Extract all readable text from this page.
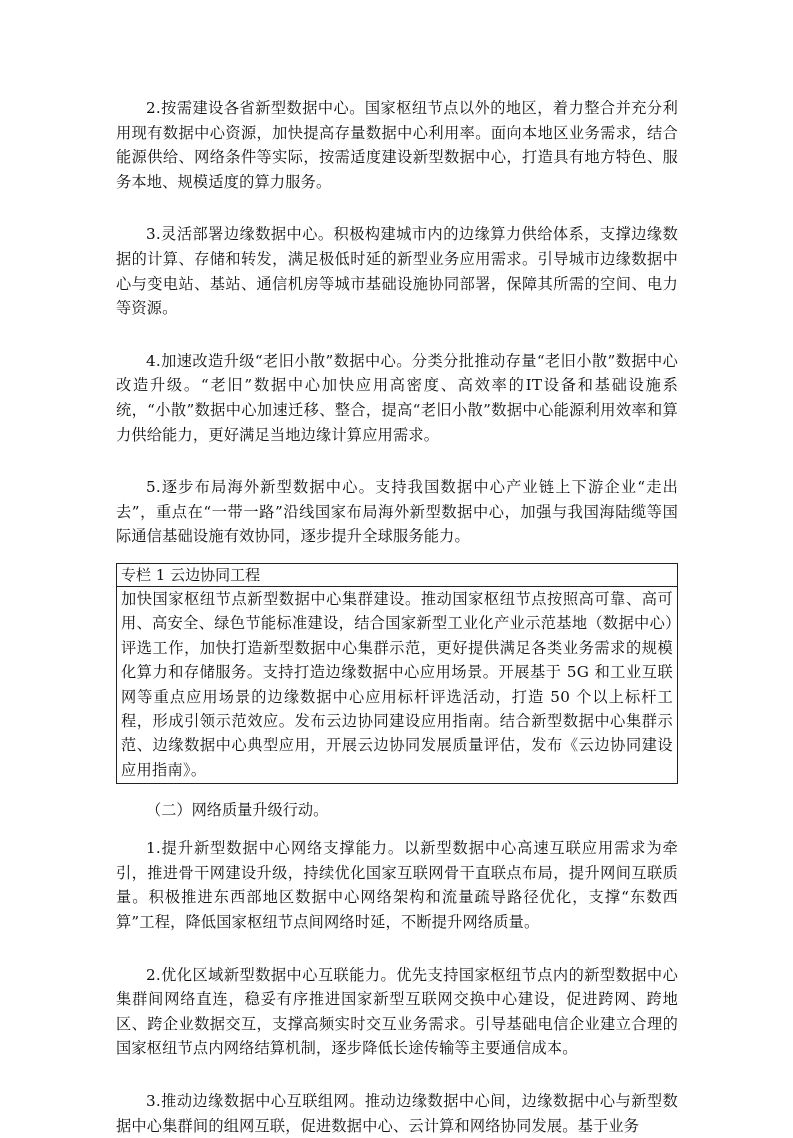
2.按需建设各省新型数据中心。国家枢纽节点以外的地区，着力整合并充分利用现有数据中心资源，加快提高存量数据中心利用率。面向本地区业务需求，结合能源供给、网络条件等实际，按需适度建设新型数据中心，打造具有地方特色、服务本地、规模适度的算力服务。

3.灵活部署边缘数据中心。积极构建城市内的边缘算力供给体系，支撑边缘数据的计算、存储和转发，满足极低时延的新型业务应用需求。引导城市边缘数据中心与变电站、基站、通信机房等城市基础设施协同部署，保障其所需的空间、电力等资源。

4.加速改造升级“老旧小散”数据中心。分类分批推动存量“老旧小散”数据中心改造升级。“老旧”数据中心加快应用高密度、高效率的IT设备和基础设施系统，“小散”数据中心加速迁移、整合，提高“老旧小散”数据中心能源利用效率和算力供给能力，更好满足当地边缘计算应用需求。

5.逐步布局海外新型数据中心。支持我国数据中心产业链上下游企业“走出去”，重点在“一带一路”沿线国家布局海外新型数据中心，加强与我国海陆缆等国际通信基础设施有效协同，逐步提升全球服务能力。

专栏 1 云边协同工程
加快国家枢纽节点新型数据中心集群建设。推动国家枢纽节点按照高可靠、高可用、高安全、绿色节能标准建设，结合国家新型工业化产业示范基地（数据中心）评选工作，加快打造新型数据中心集群示范，更好提供满足各类业务需求的规模化算力和存储服务。支持打造边缘数据中心应用场景。开展基于 5G 和工业互联网等重点应用场景的边缘数据中心应用标杆评选活动，打造 50 个以上标杆工程，形成引领示范效应。发布云边协同建设应用指南。结合新型数据中心集群示范、边缘数据中心典型应用，开展云边协同发展质量评估，发布《云边协同建设应用指南》。

（二）网络质量升级行动。

1.提升新型数据中心网络支撑能力。以新型数据中心高速互联应用需求为牵引，推进骨干网建设升级，持续优化国家互联网骨干直联点布局，提升网间互联质量。积极推进东西部地区数据中心网络架构和流量疏导路径优化，支撑“东数西算”工程，降低国家枢纽节点间网络时延，不断提升网络质量。

2.优化区域新型数据中心互联能力。优先支持国家枢纽节点内的新型数据中心集群间网络直连，稳妥有序推进国家新型互联网交换中心建设，促进跨网、跨地区、跨企业数据交互，支撑高频实时交互业务需求。引导基础电信企业建立合理的国家枢纽节点内网络结算机制，逐步降低长途传输等主要通信成本。

3.推动边缘数据中心互联组网。推动边缘数据中心间，边缘数据中心与新型数据中心集群间的组网互联，促进数据中心、云计算和网络协同发展。基于业务
